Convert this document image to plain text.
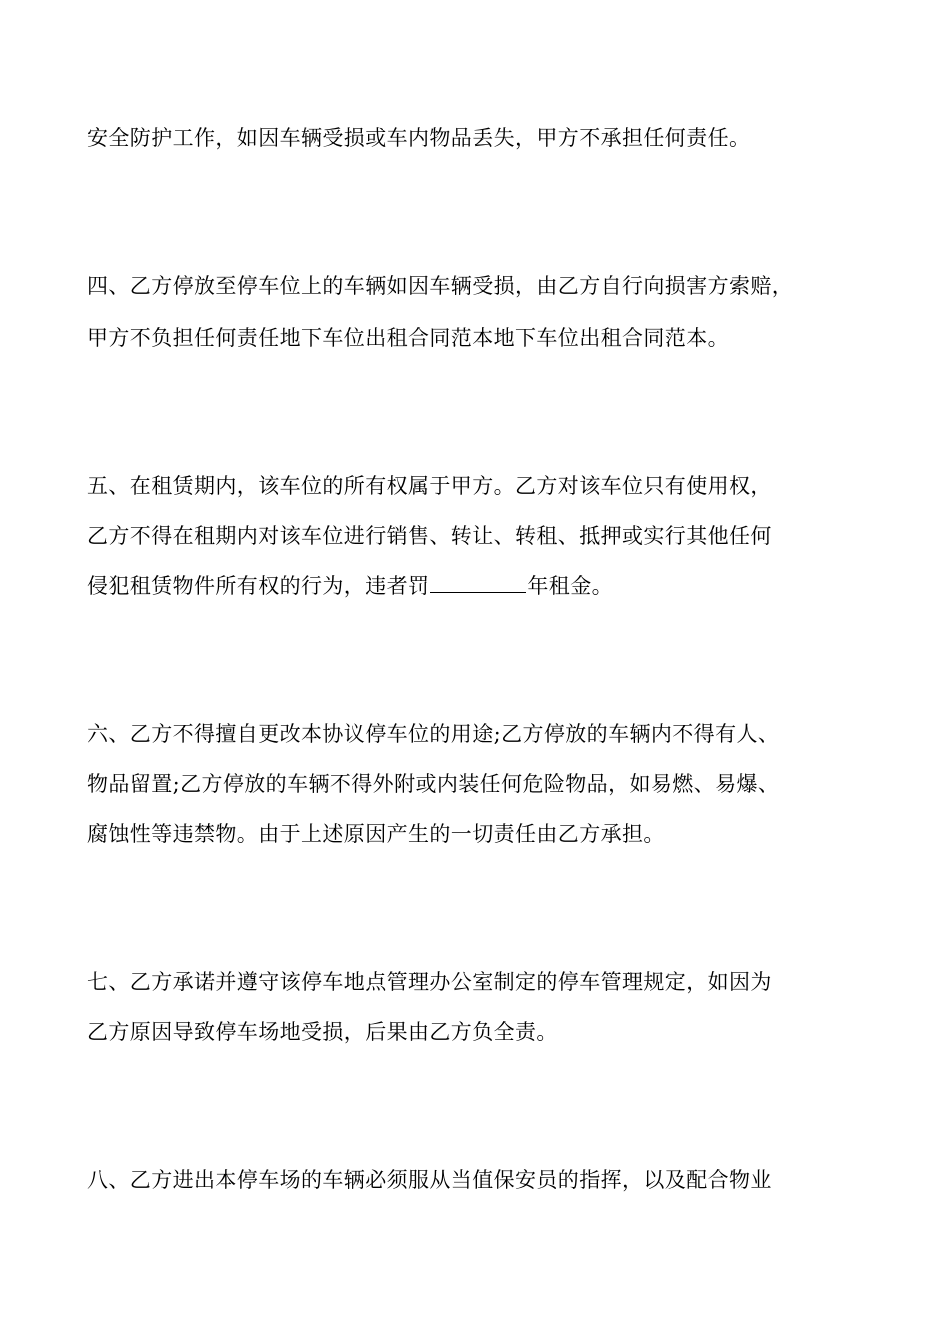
安全防护工作，如因车辆受损或车内物品丢失，甲方不承担任何责任。
四、乙方停放至停车位上的车辆如因车辆受损，由乙方自行向损害方索赔，
甲方不负担任何责任地下车位出租合同范本地下车位出租合同范本。
五、在租赁期内，该车位的所有权属于甲方。乙方对该车位只有使用权，
乙方不得在租期内对该车位进行销售、转让、转租、抵押或实行其他任何
侵犯租赁物件所有权的行为，违者罚	年租金。
六、乙方不得擅自更改本协议停车位的用途;乙方停放的车辆内不得有人、
物品留置;乙方停放的车辆不得外附或内装任何危险物品，如易燃、易爆、
腐蚀性等违禁物。由于上述原因产生的一切责任由乙方承担。
七、乙方承诺并遵守该停车地点管理办公室制定的停车管理规定，如因为
乙方原因导致停车场地受损，后果由乙方负全责。
八、乙方进出本停车场的车辆必须服从当值保安员的指挥，以及配合物业
